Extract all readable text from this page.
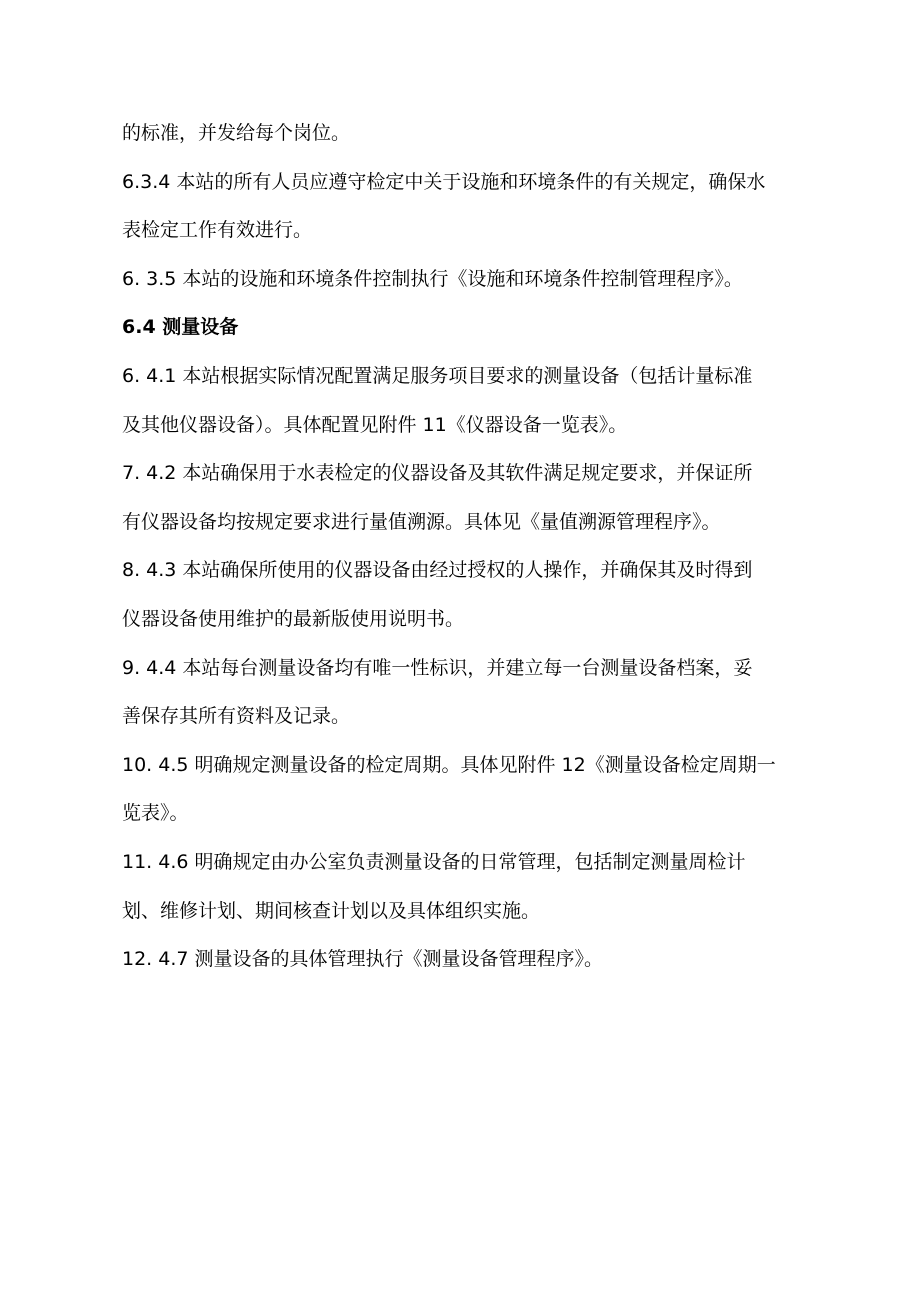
的标准，并发给每个岗位。
6.3.4 本站的所有人员应遵守检定中关于设施和环境条件的有关规定，确保水
表检定工作有效进行。
6. 3.5 本站的设施和环境条件控制执行《设施和环境条件控制管理程序》。
6.4 测量设备
6. 4.1 本站根据实际情况配置满足服务项目要求的测量设备（包括计量标准
及其他仪器设备）。具体配置见附件 11《仪器设备一览表》。
7. 4.2 本站确保用于水表检定的仪器设备及其软件满足规定要求，并保证所
有仪器设备均按规定要求进行量值溯源。具体见《量值溯源管理程序》。
8. 4.3 本站确保所使用的仪器设备由经过授权的人操作，并确保其及时得到
仪器设备使用维护的最新版使用说明书。
9. 4.4 本站每台测量设备均有唯一性标识，并建立每一台测量设备档案，妥
善保存其所有资料及记录。
10. 4.5 明确规定测量设备的检定周期。具体见附件 12《测量设备检定周期一
览表》。
11. 4.6 明确规定由办公室负责测量设备的日常管理，包括制定测量周检计
划、维修计划、期间核查计划以及具体组织实施。
12. 4.7 测量设备的具体管理执行《测量设备管理程序》。
